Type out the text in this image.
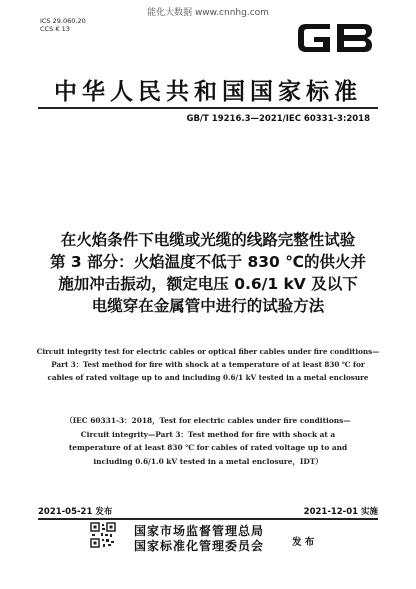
能化大数据 www.cnnhg.com
ICS 29.060.20
CCS K 13
中华人民共和国国家标准
GB/T 19216.3—2021/IEC 60331-3:2018
在火焰条件下电缆或光缆的线路完整性试验
第 3 部分：火焰温度不低于 830 ℃的供火并
施加冲击振动，额定电压 0.6/1 kV 及以下
电缆穿在金属管中进行的试验方法
Circuit integrity test for electric cables or optical fiber cables under fire conditions—
Part 3：Test method for fire with shock at a temperature of at least 830 ℃ for
cables of rated voltage up to and including 0.6/1 kV tested in a metal enclosure
（IEC 60331-3：2018，Test for electric cables under fire conditions—
Circuit integrity—Part 3：Test method for fire with shock at a
temperature of at least 830 ℃ for cables of rated voltage up to and
including 0.6/1.0 kV tested in a metal enclosure，IDT）
2021-05-21 发布	2021-12-01 实施
国家市场监督管理总局
国家标准化管理委员会	发 布
